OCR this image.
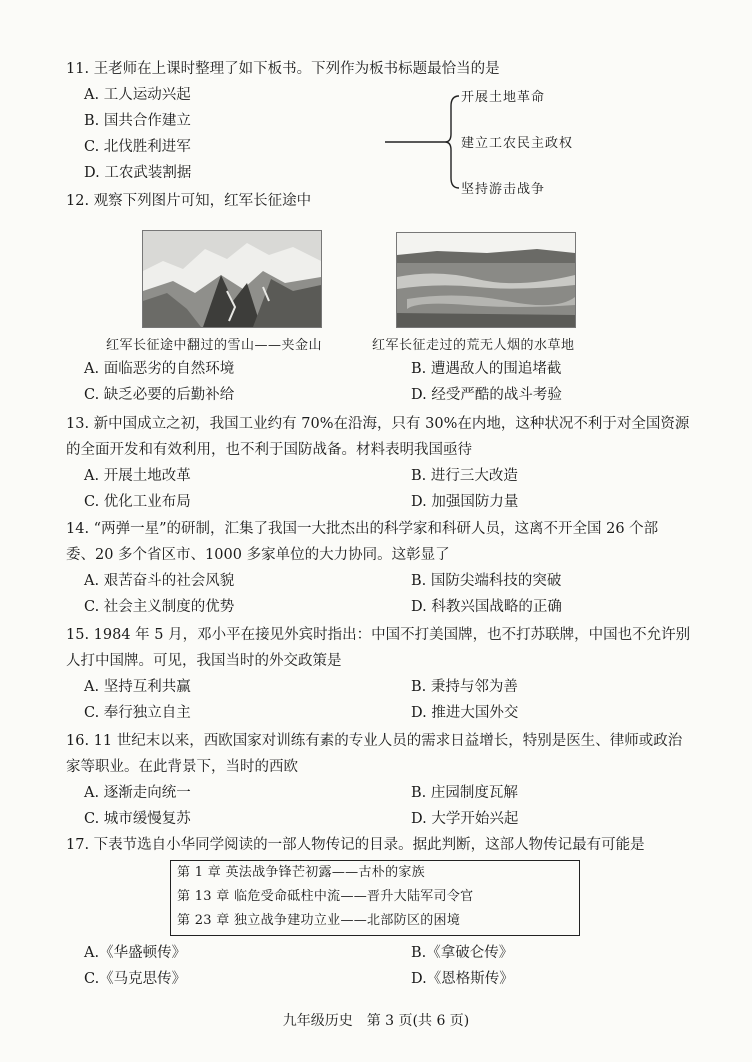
11. 王老师在上课时整理了如下板书。下列作为板书标题最恰当的是
A. 工人运动兴起
B. 国共合作建立
C. 北伐胜利进军
D. 工农武装割据
开展土地革命
建立工农民主政权
坚持游击战争
12. 观察下列图片可知，红军长征途中
红军长征途中翻过的雪山——夹金山	红军长征走过的荒无人烟的水草地
A. 面临恶劣的自然环境	B. 遭遇敌人的围追堵截
C. 缺乏必要的后勤补给	D. 经受严酷的战斗考验
13. 新中国成立之初，我国工业约有 70%在沿海，只有 30%在内地，这种状况不利于对全国资源
的全面开发和有效利用，也不利于国防战备。材料表明我国亟待
A. 开展土地改革	B. 进行三大改造
C. 优化工业布局	D. 加强国防力量
14. “两弹一星”的研制，汇集了我国一大批杰出的科学家和科研人员，这离不开全国 26 个部
委、20 多个省区市、1000 多家单位的大力协同。这彰显了
A. 艰苦奋斗的社会风貌	B. 国防尖端科技的突破
C. 社会主义制度的优势	D. 科教兴国战略的正确
15. 1984 年 5 月，邓小平在接见外宾时指出：中国不打美国牌，也不打苏联牌，中国也不允许别
人打中国牌。可见，我国当时的外交政策是
A. 坚持互利共赢	B. 秉持与邻为善
C. 奉行独立自主	D. 推进大国外交
16. 11 世纪末以来，西欧国家对训练有素的专业人员的需求日益增长，特别是医生、律师或政治
家等职业。在此背景下，当时的西欧
A. 逐渐走向统一	B. 庄园制度瓦解
C. 城市缓慢复苏	D. 大学开始兴起
17. 下表节选自小华同学阅读的一部人物传记的目录。据此判断，这部人物传记最有可能是
第 1 章 英法战争锋芒初露——古朴的家族
第 13 章 临危受命砥柱中流——晋升大陆军司令官
第 23 章 独立战争建功立业——北部防区的困境
A.《华盛顿传》	B.《拿破仑传》
C.《马克思传》	D.《恩格斯传》
九年级历史　第 3 页(共 6 页)
